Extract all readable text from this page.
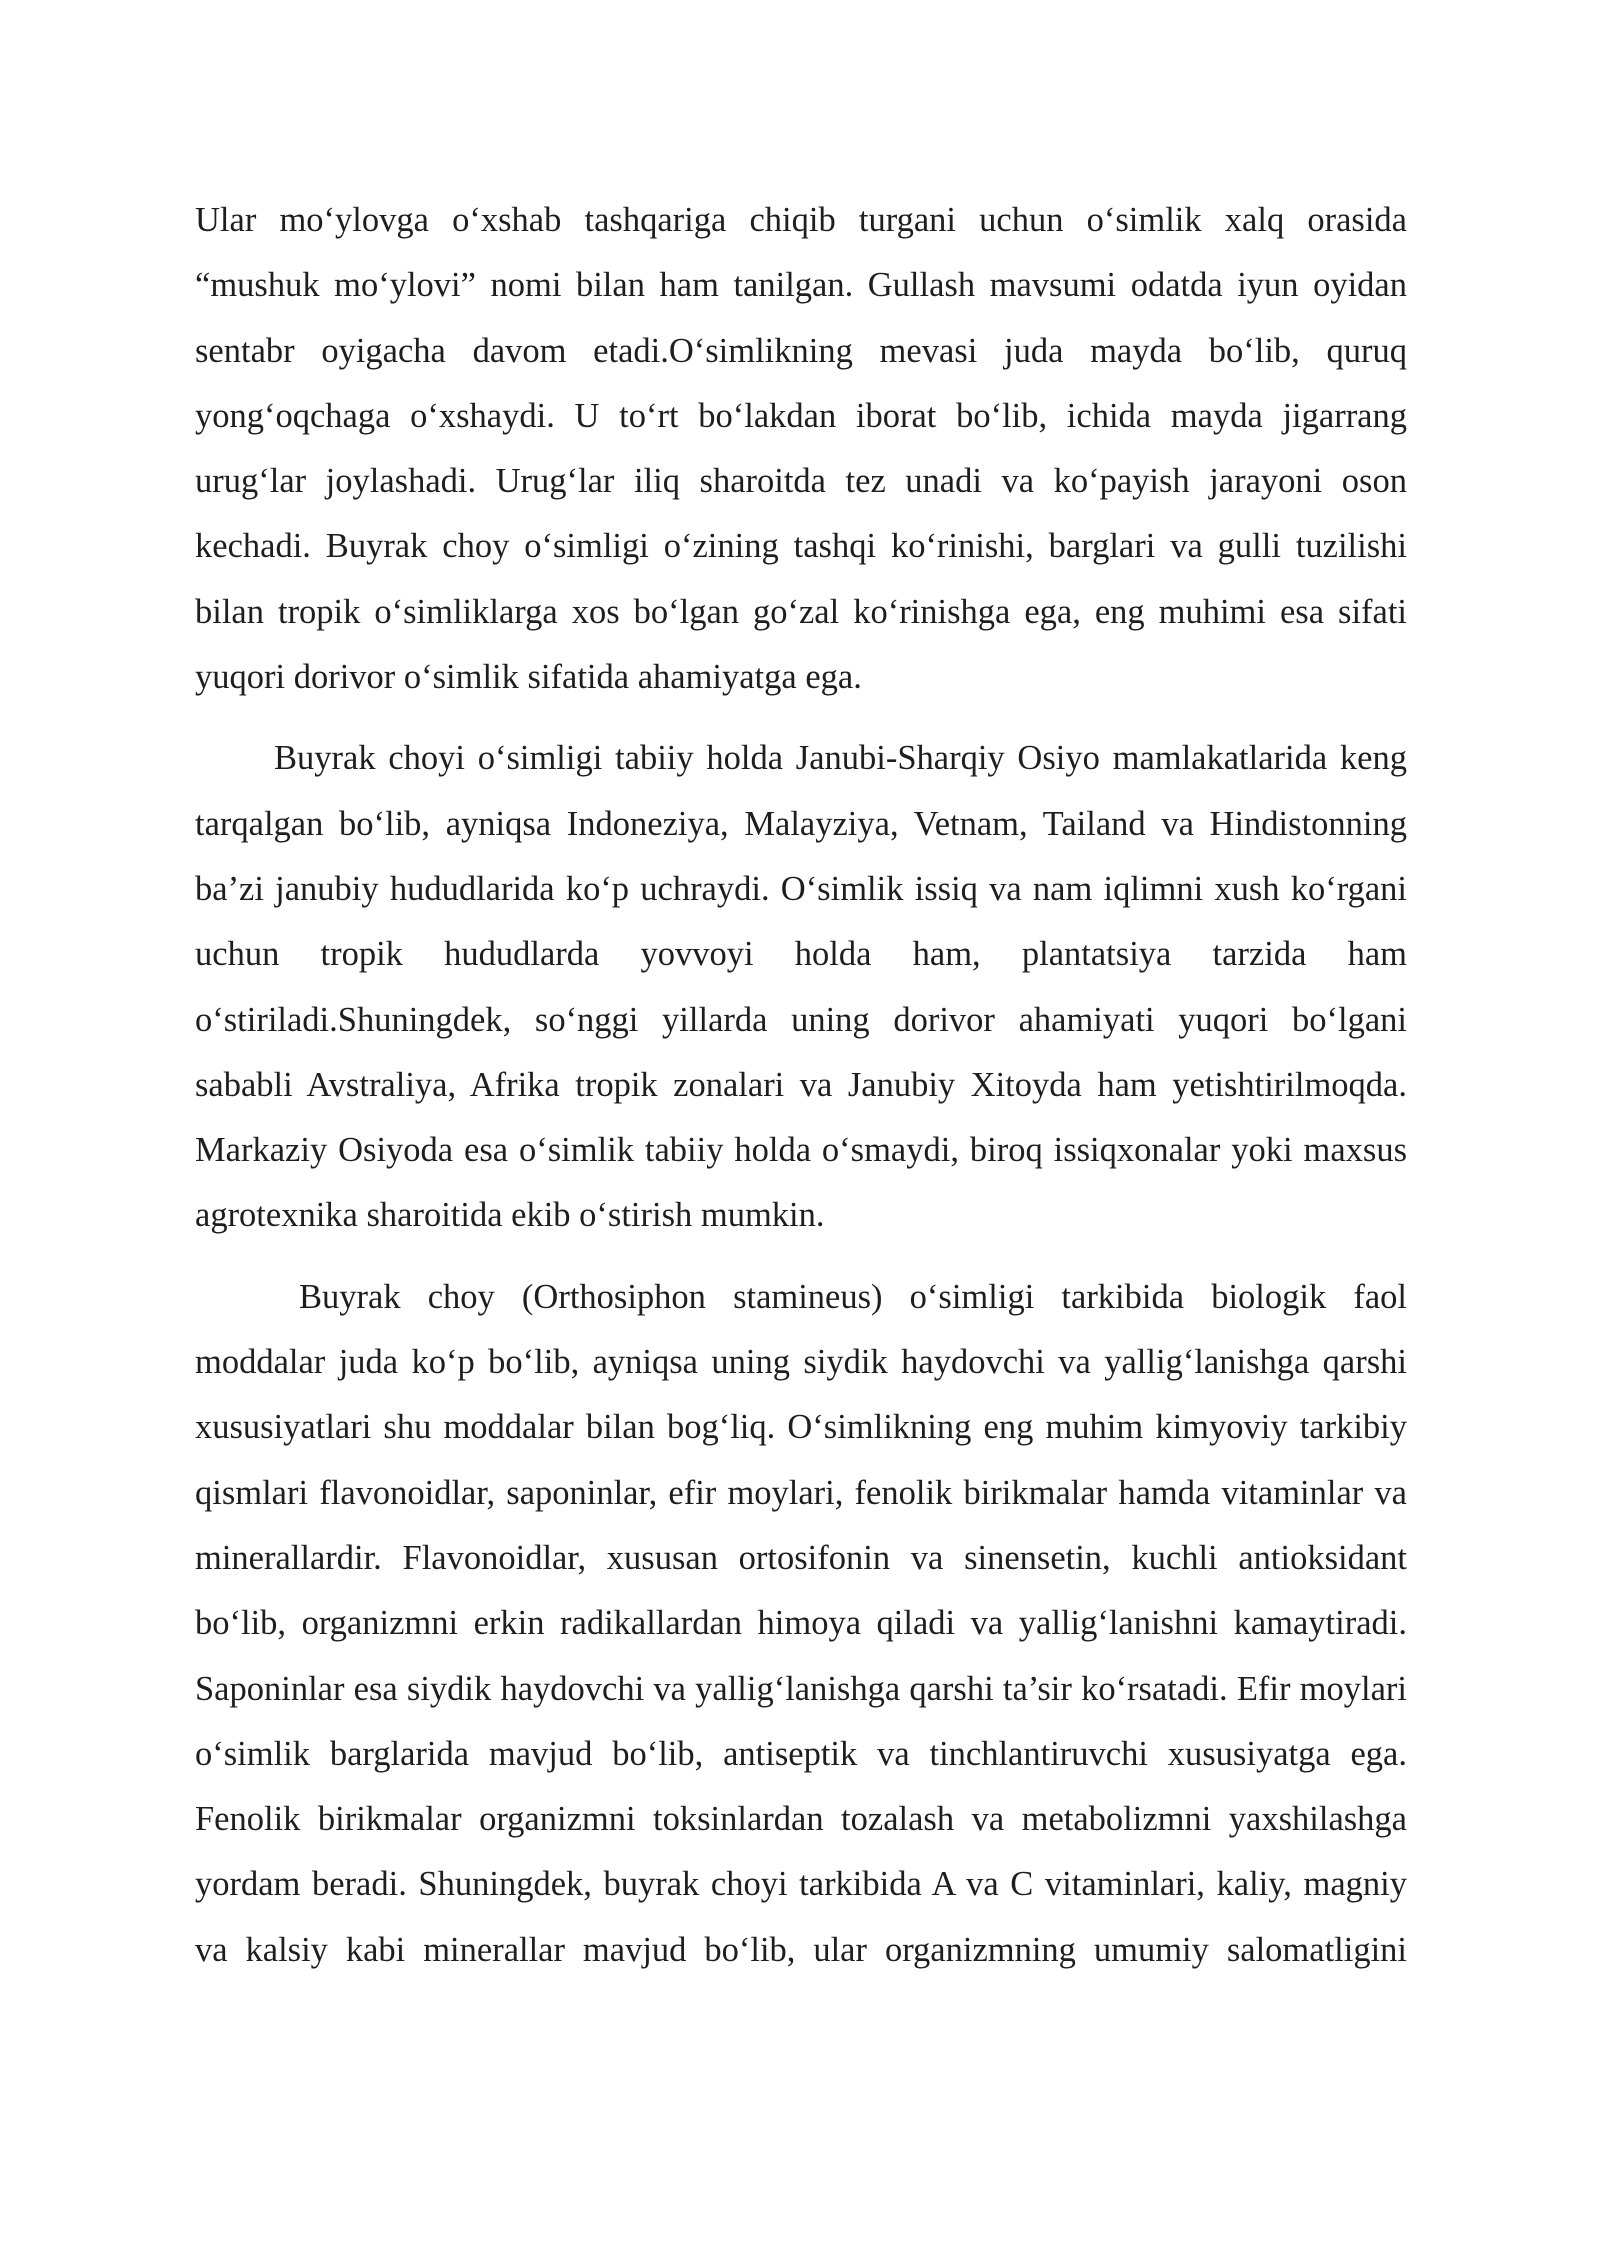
Ular mo‘ylovga o‘xshab tashqariga chiqib turgani uchun o‘simlik xalq orasida “mushuk mo‘ylovi” nomi bilan ham tanilgan. Gullash mavsumi odatda iyun oyidan sentabr oyigacha davom etadi.O‘simlikning mevasi juda mayda bo‘lib, quruq yong‘oqchaga o‘xshaydi. U to‘rt bo‘lakdan iborat bo‘lib, ichida mayda jigarrang urug‘lar joylashadi. Urug‘lar iliq sharoitda tez unadi va ko‘payish jarayoni oson kechadi. Buyrak choy o‘simligi o‘zining tashqi ko‘rinishi, barglari va gulli tuzilishi bilan tropik o‘simliklarga xos bo‘lgan go‘zal ko‘rinishga ega, eng muhimi esa sifati yuqori dorivor o‘simlik sifatida ahamiyatga ega.

Buyrak choyi o‘simligi tabiiy holda Janubi-Sharqiy Osiyo mamlakatlarida keng tarqalgan bo‘lib, ayniqsa Indoneziya, Malayziya, Vetnam, Tailand va Hindistonning ba’zi janubiy hududlarida ko‘p uchraydi. O‘simlik issiq va nam iqlimni xush ko‘rgani uchun tropik hududlarda yovvoyi holda ham, plantatsiya tarzida ham o‘stiriladi.Shuningdek, so‘nggi yillarda uning dorivor ahamiyati yuqori bo‘lgani sababli Avstraliya, Afrika tropik zonalari va Janubiy Xitoyda ham yetishtirilmoqda. Markaziy Osiyoda esa o‘simlik tabiiy holda o‘smaydi, biroq issiqxonalar yoki maxsus agrotexnika sharoitida ekib o‘stirish mumkin.

Buyrak choy (Orthosiphon stamineus) o‘simligi tarkibida biologik faol moddalar juda ko‘p bo‘lib, ayniqsa uning siydik haydovchi va yallig‘lanishga qarshi xususiyatlari shu moddalar bilan bog‘liq. O‘simlikning eng muhim kimyoviy tarkibiy qismlari flavonoidlar, saponinlar, efir moylari, fenolik birikmalar hamda vitaminlar va minerallardir. Flavonoidlar, xususan ortosifonin va sinensetin, kuchli antioksidant bo‘lib, organizmni erkin radikallardan himoya qiladi va yallig‘lanishni kamaytiradi. Saponinlar esa siydik haydovchi va yallig‘lanishga qarshi ta’sir ko‘rsatadi. Efir moylari o‘simlik barglarida mavjud bo‘lib, antiseptik va tinchlantiruvchi xususiyatga ega. Fenolik birikmalar organizmni toksinlardan tozalash va metabolizmni yaxshilashga yordam beradi. Shuningdek, buyrak choyi tarkibida A va C vitaminlari, kaliy, magniy va kalsiy kabi minerallar mavjud bo‘lib, ular organizmning umumiy salomatligini
